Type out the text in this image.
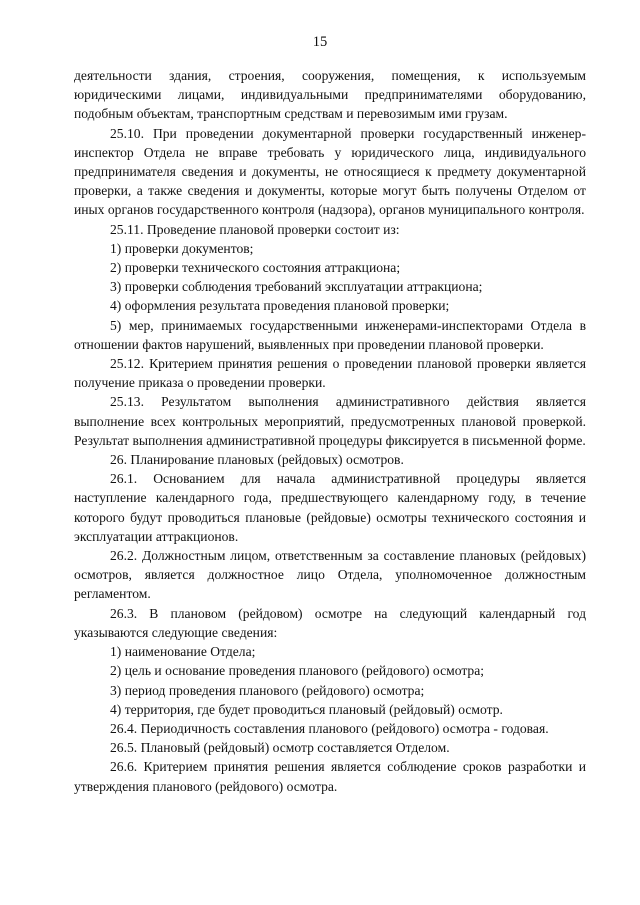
15

деятельности здания, строения, сооружения, помещения, к используемым юридическими лицами, индивидуальными предпринимателями оборудованию, подобным объектам, транспортным средствам и перевозимым ими грузам.

25.10. При проведении документарной проверки государственный инженер-инспектор Отдела не вправе требовать у юридического лица, индивидуального предпринимателя сведения и документы, не относящиеся к предмету документарной проверки, а также сведения и документы, которые могут быть получены Отделом от иных органов государственного контроля (надзора), органов муниципального контроля.

25.11. Проведение плановой проверки состоит из:

1) проверки документов;

2) проверки технического состояния аттракциона;

3) проверки соблюдения требований эксплуатации аттракциона;

4) оформления результата проведения плановой проверки;

5) мер, принимаемых государственными инженерами-инспекторами Отдела в отношении фактов нарушений, выявленных при проведении плановой проверки.

25.12. Критерием принятия решения о проведении плановой проверки является получение приказа о проведении проверки.

25.13. Результатом выполнения административного действия является выполнение всех контрольных мероприятий, предусмотренных плановой проверкой. Результат выполнения административной процедуры фиксируется в письменной форме.

26. Планирование плановых (рейдовых) осмотров.

26.1. Основанием для начала административной процедуры является наступление календарного года, предшествующего календарному году, в течение которого будут проводиться плановые (рейдовые) осмотры технического состояния и эксплуатации аттракционов.

26.2. Должностным лицом, ответственным за составление плановых (рейдовых) осмотров, является должностное лицо Отдела, уполномоченное должностным регламентом.

26.3. В плановом (рейдовом) осмотре на следующий календарный год указываются следующие сведения:

1) наименование Отдела;

2) цель и основание проведения планового (рейдового) осмотра;

3) период проведения планового (рейдового) осмотра;

4) территория, где будет проводиться плановый (рейдовый) осмотр.

26.4. Периодичность составления планового (рейдового) осмотра - годовая.

26.5. Плановый (рейдовый) осмотр составляется Отделом.

26.6. Критерием принятия решения является соблюдение сроков разработки и утверждения планового (рейдового) осмотра.
